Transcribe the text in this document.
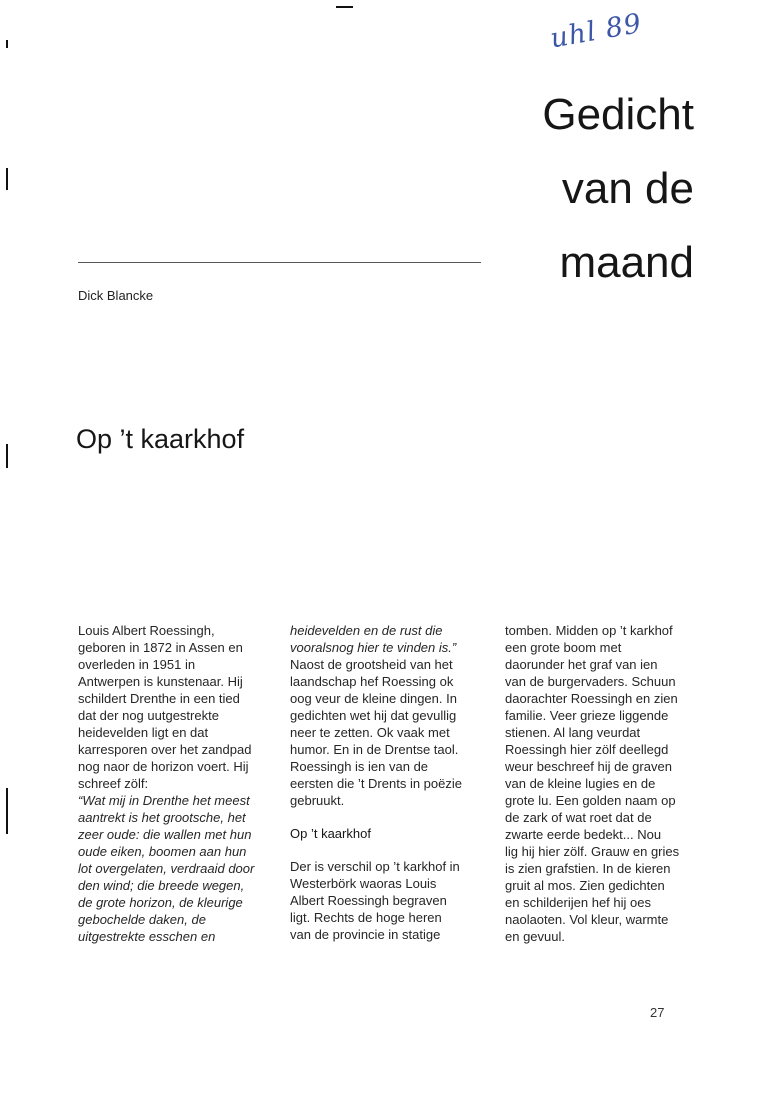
uhl 89
Gedicht
van de
maand
Dick Blancke
Op ’t kaarkhof

Louis Albert Roessingh,

geboren in 1872 in Assen en

overleden in 1951 in

Antwerpen is kunstenaar. Hij

schildert Drenthe in een tied

dat der nog uutgestrekte

heidevelden ligt en dat

karresporen over het zandpad

nog naor de horizon voert. Hij

schreef zölf:

“Wat mij in Drenthe het meest

aantrekt is het grootsche, het

zeer oude: die wallen met hun

oude eiken, boomen aan hun

lot overgelaten, verdraaid door

den wind; die breede wegen,

de grote horizon, de kleurige

gebochelde daken, de

uitgestrekte esschen en

heidevelden en de rust die

vooralsnog hier te vinden is.”

Naost de grootsheid van het

laandschap hef Roessing ok

oog veur de kleine dingen. In

gedichten wet hij dat gevullig

neer te zetten. Ok vaak met

humor. En in de Drentse taol.

Roessingh is ien van de

eersten die ’t Drents in poëzie

gebruukt.

Op ’t kaarkhof

Der is verschil op ’t karkhof in

Westerbörk waoras Louis

Albert Roessingh begraven

ligt. Rechts de hoge heren

van de provincie in statige

tomben. Midden op ’t karkhof

een grote boom met

daorunder het graf van ien

van de burgervaders. Schuun

daorachter Roessingh en zien

familie. Veer grieze liggende

stienen. Al lang veurdat

Roessingh hier zölf deellegd

weur beschreef hij de graven

van de kleine lugies en de

grote lu. Een golden naam op

de zark of wat roet dat de

zwarte eerde bedekt... Nou

lig hij hier zölf. Grauw en gries

is zien grafstien. In de kieren

gruit al mos. Zien gedichten

en schilderijen hef hij oes

naolaoten. Vol kleur, warmte

en gevuul.

27
